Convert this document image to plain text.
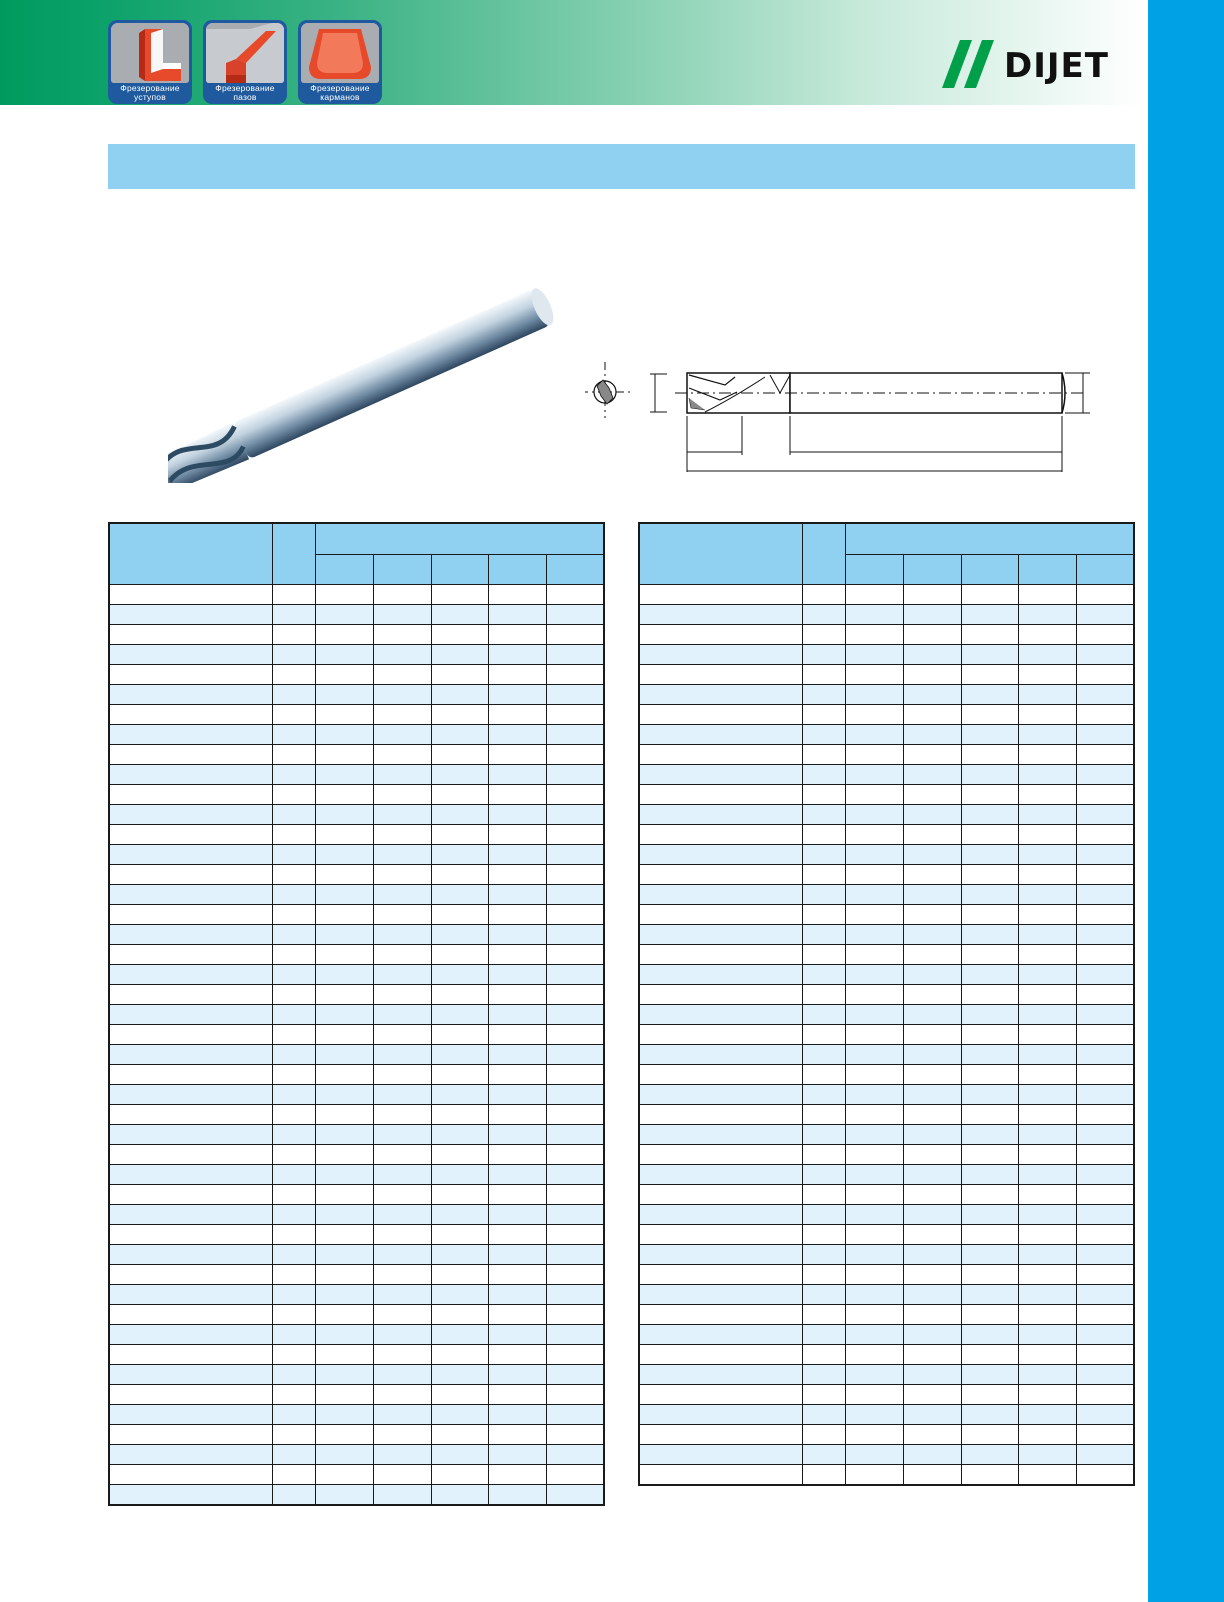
Фрезерование
уступов
Фрезерование
пазов
Фрезерование
карманов
DIJET
